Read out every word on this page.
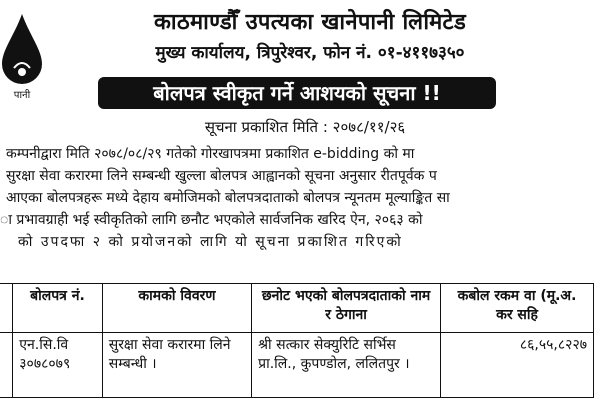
पानी
काठमाण्डौँ उपत्यका खानेपानी लिमिटेड
मुख्य कार्यालय, त्रिपुरेश्वर, फोन नं. ०१-४११७३५०
बोलपत्र स्वीकृत गर्ने आशयको सूचना !!
सूचना प्रकाशित मिति : २०७८/११/२६
कम्पनीद्वारा मिति २०७८/०८/२९ गतेको गोरखापत्रमा प्रकाशित e-bidding को मा
सुरक्षा सेवा करारमा लिने सम्बन्धी खुल्ला बोलपत्र आह्वानको सूचना अनुसार रीतपूर्वक प
आएका बोलपत्रहरू मध्ये देहाय बमोजिमको बोलपत्रदाताको बोलपत्र न्यूनतम मूल्याङ्कित सा
ा प्रभावग्राही भई स्वीकृतिको लागि छनौट भएकोले सार्वजनिक खरिद ऐन, २०६३ को
को उपदफा २ को प्रयोजनको लागि यो सूचना प्रकाशित गरिएको
	बोलपत्र नं.	कामको विवरण	छनोट भएको बोलपत्रदाताको नाम र ठेगाना	कबोल रकम वा (मू.अ. कर सहि
	एन.सि.वि ३०७८०७९	सुरक्षा सेवा करारमा लिने सम्बन्धी ।	श्री सत्कार सेक्युरिटि सर्भिस प्रा.लि., कुपण्डोल, ललितपुर ।	८६,५५,८२२७
